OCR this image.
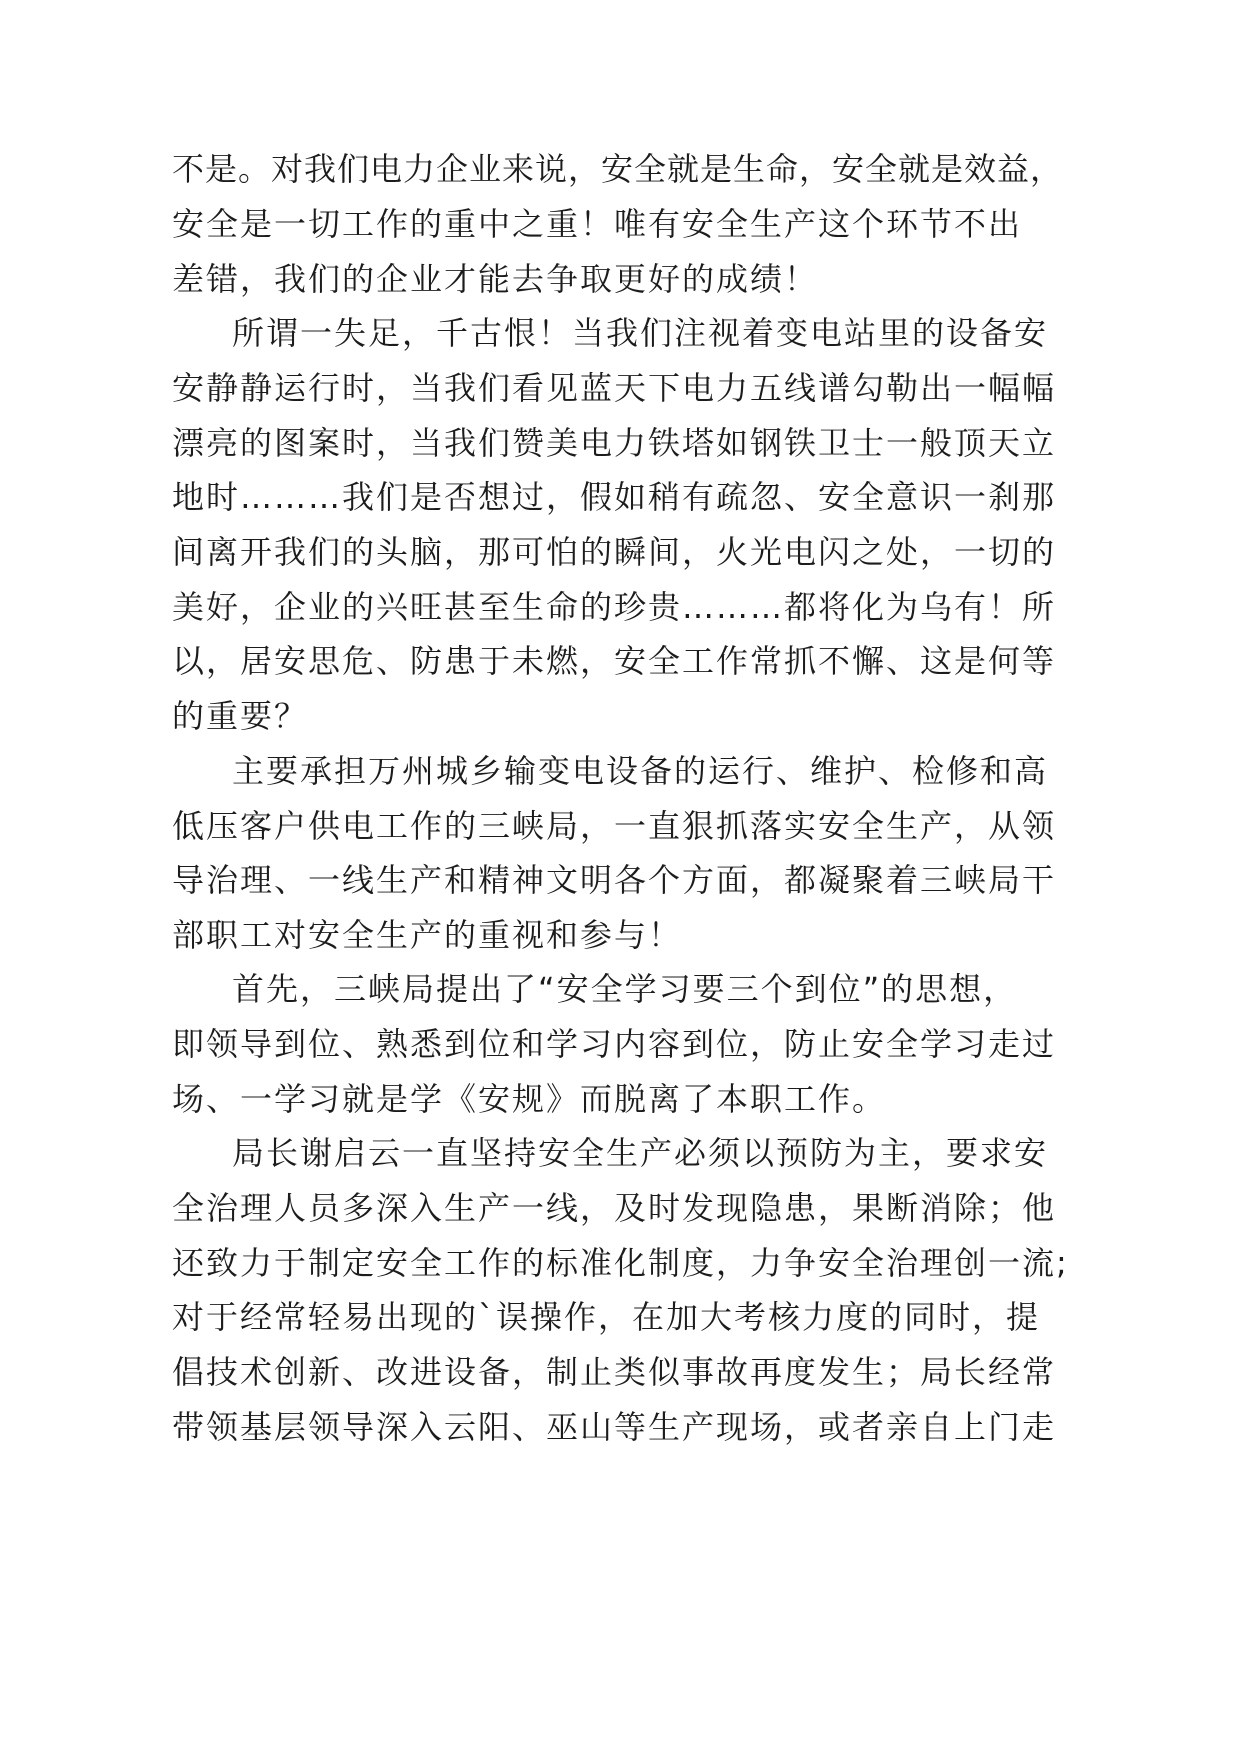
不是。对我们电力企业来说，安全就是生命，安全就是效益，
安全是一切工作的重中之重！唯有安全生产这个环节不出
差错，我们的企业才能去争取更好的成绩！
所谓一失足，千古恨！当我们注视着变电站里的设备安
安静静运行时，当我们看见蓝天下电力五线谱勾勒出一幅幅
漂亮的图案时，当我们赞美电力铁塔如钢铁卫士一般顶天立
地时………我们是否想过，假如稍有疏忽、安全意识一刹那
间离开我们的头脑，那可怕的瞬间，火光电闪之处，一切的
美好，企业的兴旺甚至生命的珍贵………都将化为乌有！所
以，居安思危、防患于未燃，安全工作常抓不懈、这是何等
的重要？
主要承担万州城乡输变电设备的运行、维护、检修和高
低压客户供电工作的三峡局，一直狠抓落实安全生产，从领
导治理、一线生产和精神文明各个方面，都凝聚着三峡局干
部职工对安全生产的重视和参与！
首先，三峡局提出了“安全学习要三个到位”的思想，
即领导到位、熟悉到位和学习内容到位，防止安全学习走过
场、一学习就是学《安规》而脱离了本职工作。
局长谢启云一直坚持安全生产必须以预防为主，要求安
全治理人员多深入生产一线，及时发现隐患，果断消除；他
还致力于制定安全工作的标准化制度，力争安全治理创一流;
对于经常轻易出现的`误操作，在加大考核力度的同时，提
倡技术创新、改进设备，制止类似事故再度发生；局长经常
带领基层领导深入云阳、巫山等生产现场，或者亲自上门走
